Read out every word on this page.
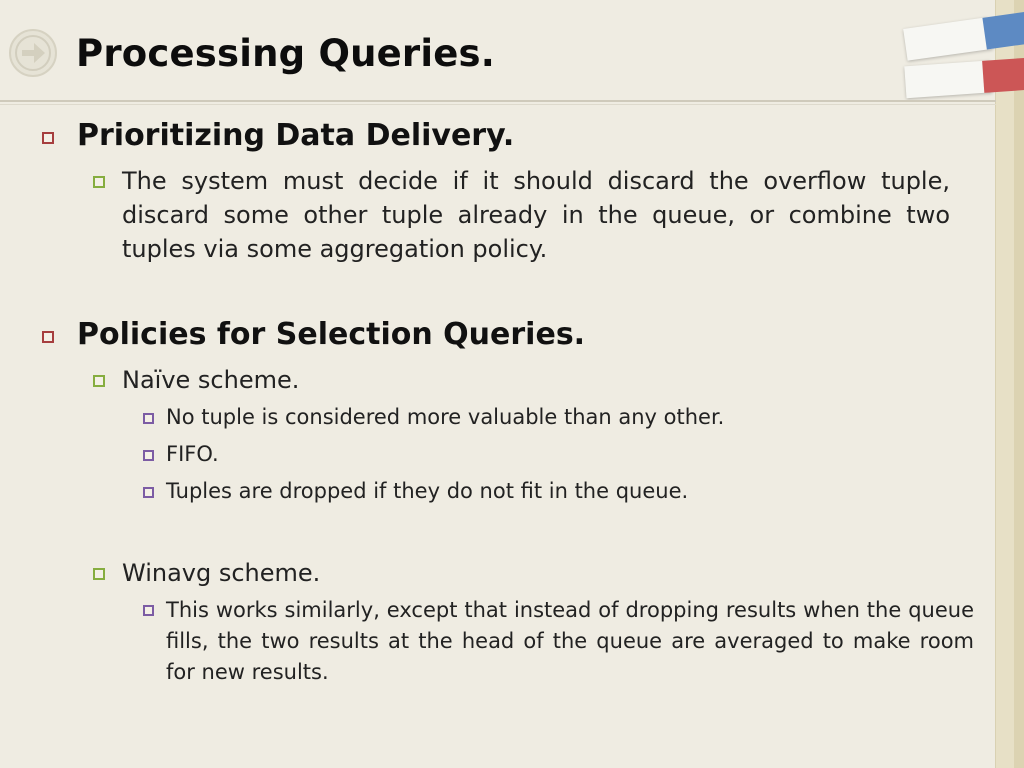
Processing Queries.
Prioritizing Data Delivery.

The system must decide if it should discard the overflow tuple, discard some other tuple already in the queue, or combine two tuples via some aggregation policy.

Policies for Selection Queries.
Naïve scheme.
No tuple is considered more valuable than any other.
FIFO.
Tuples are dropped if they do not fit in the queue.
Winavg scheme.

This works similarly, except that instead of dropping results when the queue fills, the two results at the head of the queue are averaged to make room for new results.
